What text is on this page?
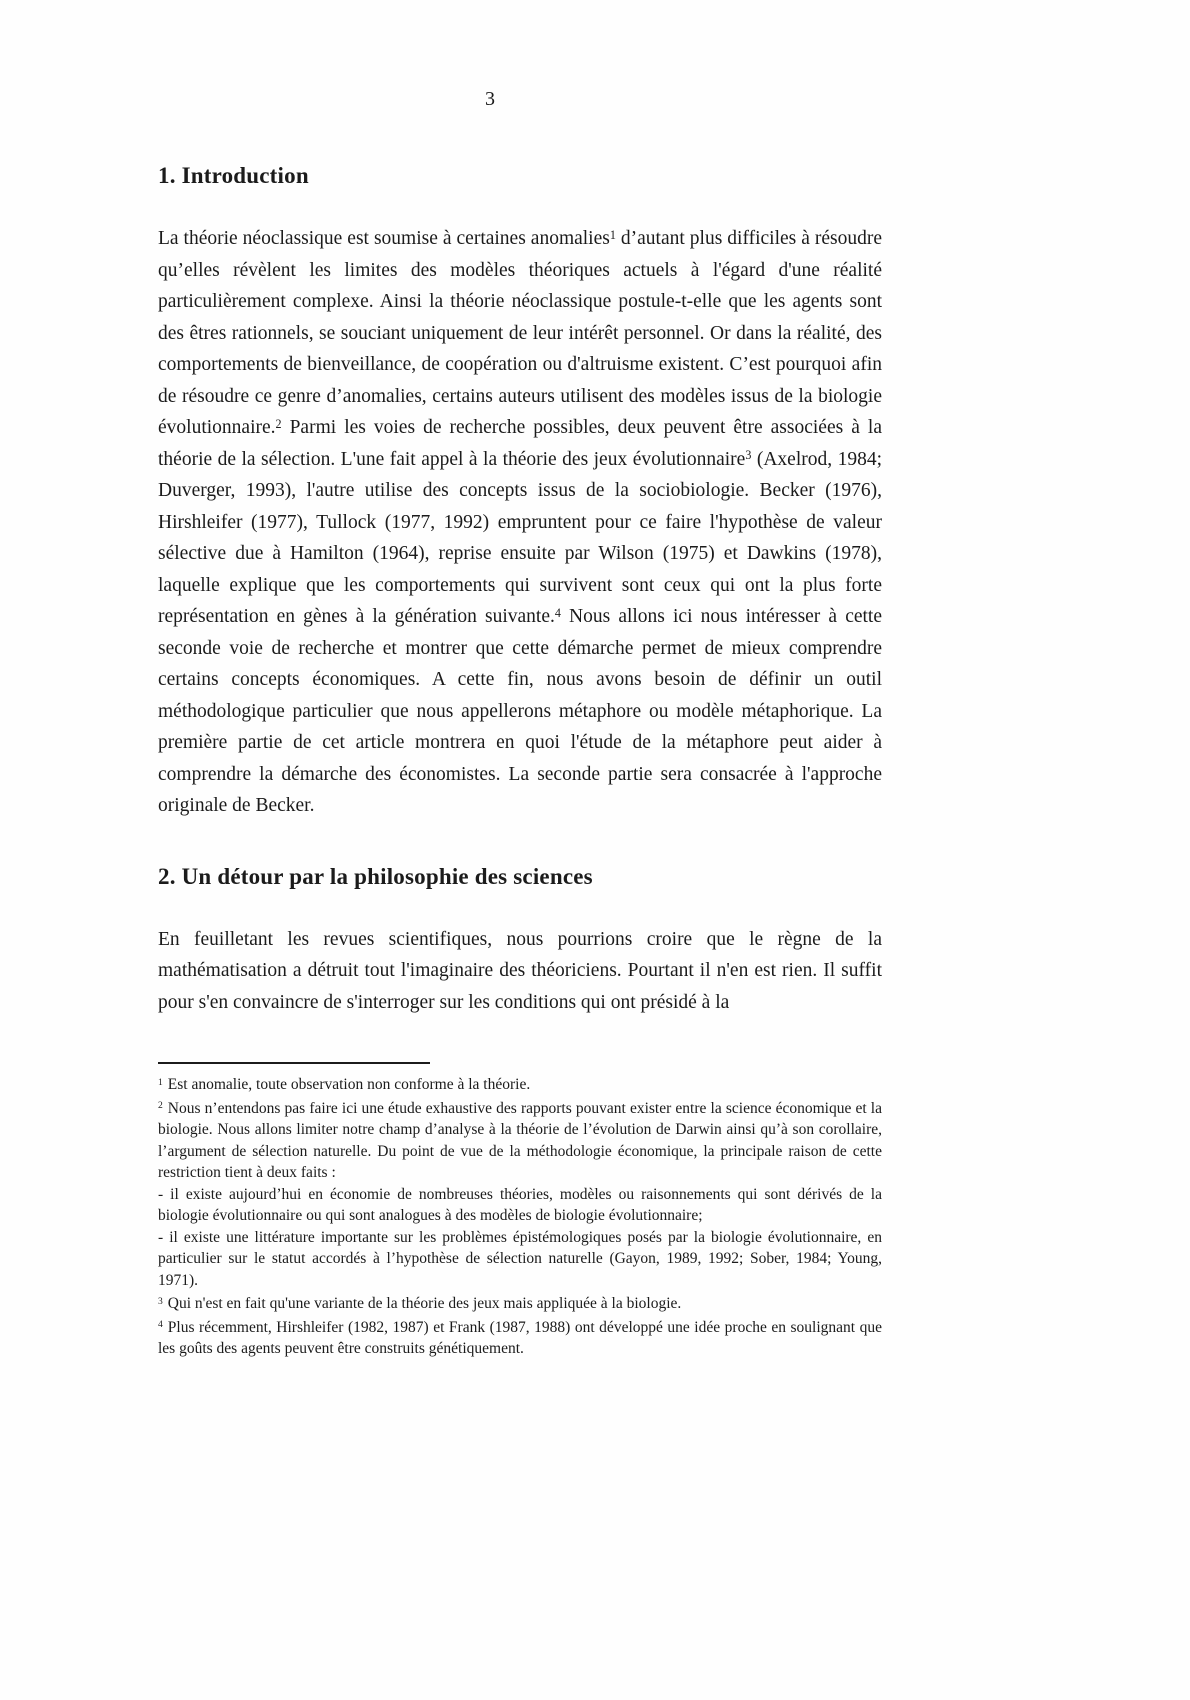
3
1. Introduction

La théorie néoclassique est soumise à certaines anomalies$^1$ d’autant plus difficiles à résoudre qu’elles révèlent les limites des modèles théoriques actuels à l'égard d'une réalité particulièrement complexe. Ainsi la théorie néoclassique postule-t-elle que les agents sont des êtres rationnels, se souciant uniquement de leur intérêt personnel. Or dans la réalité, des comportements de bienveillance, de coopération ou d'altruisme existent. C’est pourquoi afin de résoudre ce genre d’anomalies, certains auteurs utilisent des modèles issus de la biologie évolutionnaire.$^2$ Parmi les voies de recherche possibles, deux peuvent être associées à la théorie de la sélection. L'une fait appel à la théorie des jeux évolutionnaire$^3$ (Axelrod, 1984; Duverger, 1993), l'autre utilise des concepts issus de la sociobiologie. Becker (1976), Hirshleifer (1977), Tullock (1977, 1992) empruntent pour ce faire l'hypothèse de valeur sélective due à Hamilton (1964), reprise ensuite par Wilson (1975) et Dawkins (1978), laquelle explique que les comportements qui survivent sont ceux qui ont la plus forte représentation en gènes à la génération suivante.$^4$ Nous allons ici nous intéresser à cette seconde voie de recherche et montrer que cette démarche permet de mieux comprendre certains concepts économiques. A cette fin, nous avons besoin de définir un outil méthodologique particulier que nous appellerons métaphore ou modèle métaphorique. La première partie de cet article montrera en quoi l'étude de la métaphore peut aider à comprendre la démarche des économistes. La seconde partie sera consacrée à l'approche originale de Becker.

2. Un détour par la philosophie des sciences

En feuilletant les revues scientifiques, nous pourrions croire que le règne de la mathématisation a détruit tout l'imaginaire des théoriciens. Pourtant il n'en est rien. Il suffit pour s'en convaincre de s'interroger sur les conditions qui ont présidé à la

$^1$ Est anomalie, toute observation non conforme à la théorie.

$^2$ Nous n’entendons pas faire ici une étude exhaustive des rapports pouvant exister entre la science économique et la biologie. Nous allons limiter notre champ d’analyse à la théorie de l’évolution de Darwin ainsi qu’à son corollaire, l’argument de sélection naturelle. Du point de vue de la méthodologie économique, la principale raison de cette restriction tient à deux faits :
- il existe aujourd’hui en économie de nombreuses théories, modèles ou raisonnements qui sont dérivés de la biologie évolutionnaire ou qui sont analogues à des modèles de biologie évolutionnaire;
- il existe une littérature importante sur les problèmes épistémologiques posés par la biologie évolutionnaire, en particulier sur le statut accordés à l’hypothèse de sélection naturelle (Gayon, 1989, 1992; Sober, 1984; Young, 1971).

$^3$ Qui n'est en fait qu'une variante de la théorie des jeux mais appliquée à la biologie.

$^4$ Plus récemment, Hirshleifer (1982, 1987) et Frank (1987, 1988) ont développé une idée proche en soulignant que les goûts des agents peuvent être construits génétiquement.
